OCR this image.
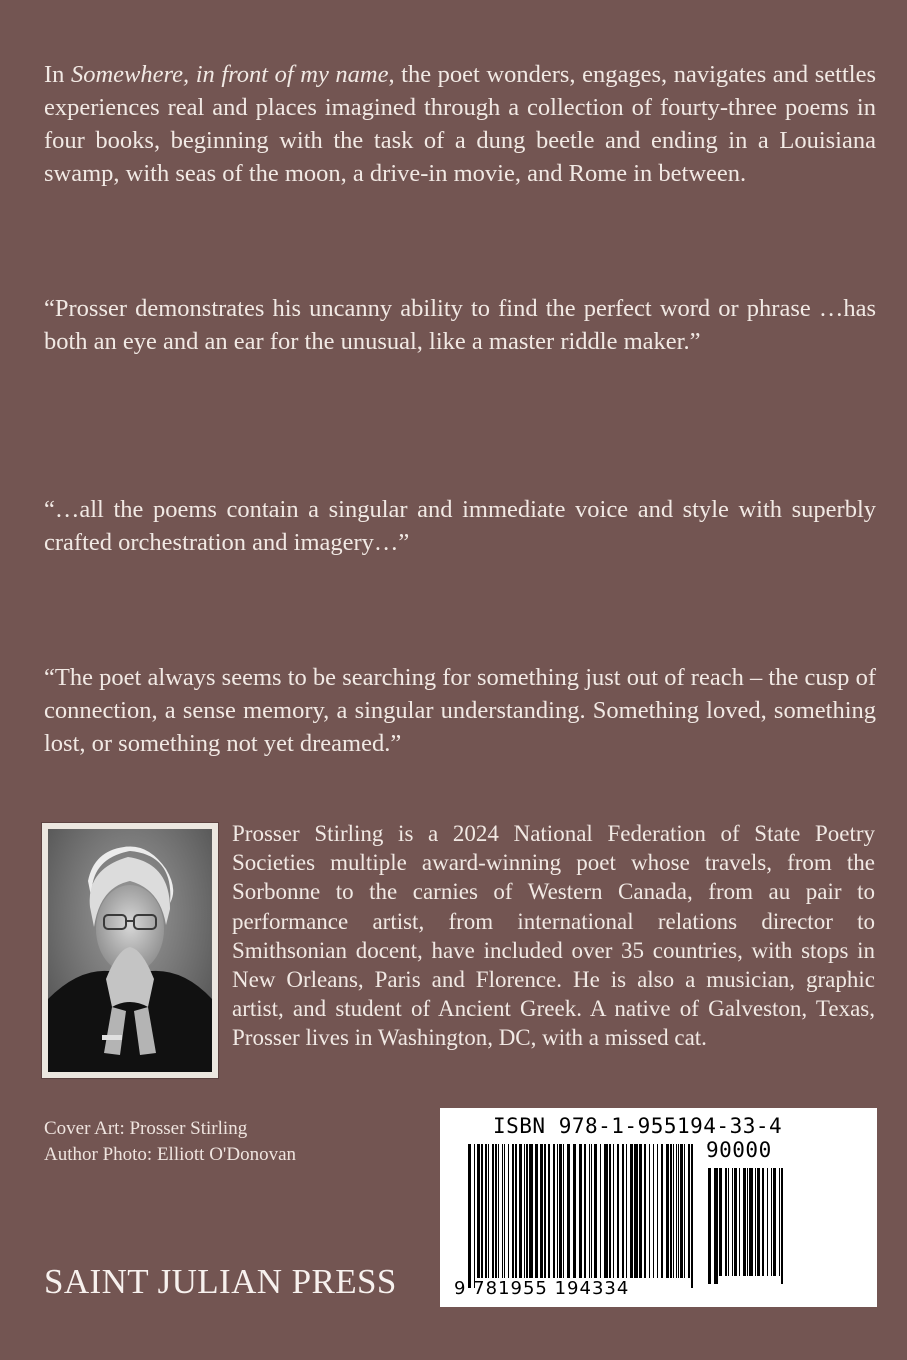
In Somewhere, in front of my name, the poet wonders, engages, navigates and settles experiences real and places imagined through a collection of fourty-three poems in four books, beginning with the task of a dung beetle and ending in a Louisiana swamp, with seas of the moon, a drive-in movie, and Rome in between.

“Prosser demonstrates his uncanny ability to find the perfect word or phrase …has both an eye and an ear for the unusual, like a master riddle maker.”

“…all the poems contain a singular and immediate voice and style with superbly crafted orchestration and imagery…”

“The poet always seems to be searching for something just out of reach – the cusp of connection, a sense memory, a singular understanding. Something loved, something lost, or something not yet dreamed.”

Prosser Stirling is a 2024 National Federation of State Poetry Societies multiple award-winning poet whose travels, from the Sorbonne to the carnies of Western Canada, from au pair to performance artist, from international relations director to Smithsonian docent, have included over 35 countries, with stops in New Orleans, Paris and Florence. He is also a musician, graphic artist, and student of Ancient Greek. A native of Galveston, Texas, Prosser lives in Washington, DC, with a missed cat.

Cover Art: Prosser Stirling
Author Photo: Elliott O'Donovan
SAINT JULIAN PRESS
ISBN 978-1-955194-33-4
90000
9 781955 194334
